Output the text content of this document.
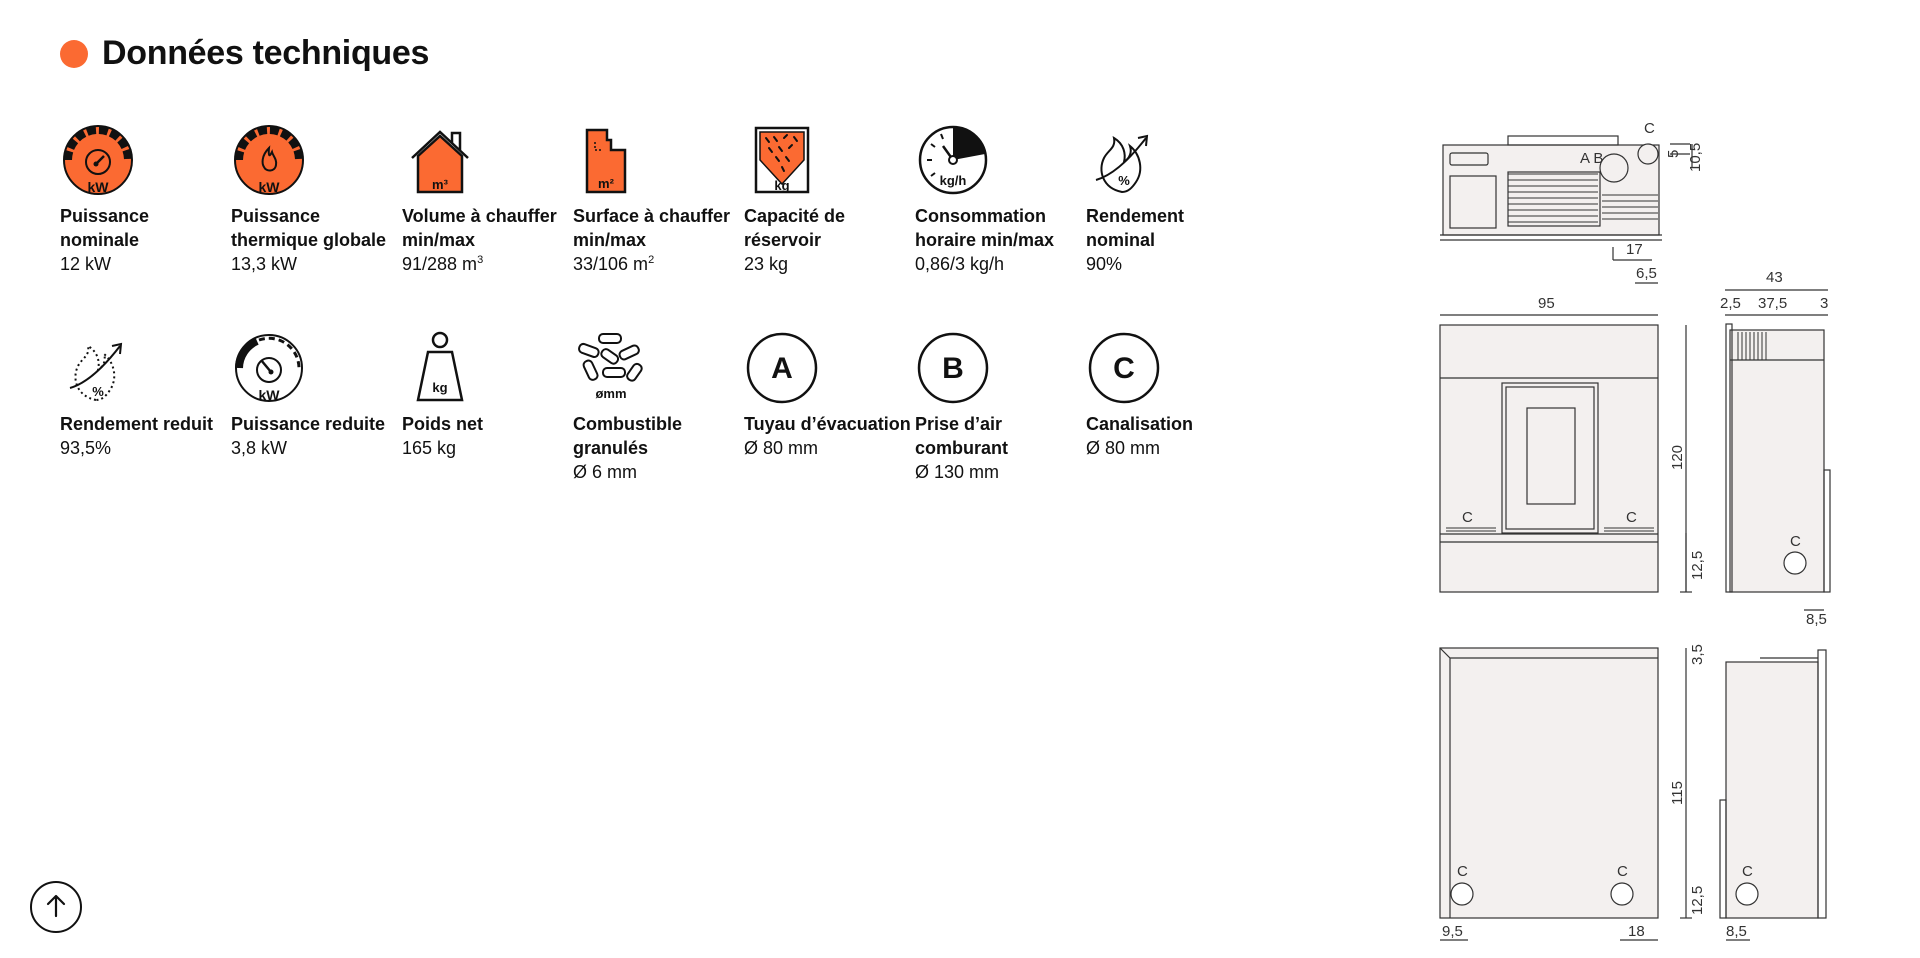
Données techniques
kW
Puissance nominale
12 kW
kW
Puissance thermique globale
13,3 kW
m³
Volume à chauffer min/max
91/288 $m^3$
m²
Surface à chauffer min/max
33/106 $m^2$
kg
Capacité de réservoir
23 kg
kg/h
Consommation horaire min/max
0,86/3 kg/h
%
Rendement nominal
90%
%
Rendement reduit
93,5%
kW
Puissance reduite
3,8 kW
kg
Poids net
165 kg
ømm
Combustible granulés
Ø 6 mm
A
Tuyau d’évacuation
Ø 80 mm
B
Prise d’air comburant
Ø 130 mm
C
Canalisation
Ø 80 mm
C
A B	5 10,5
17
6,5
95
120
12,5
C	C
43
2,5 37,5 3
C
8,5
3,5
115
12,5
C	C	C
9,5	18	8,5
